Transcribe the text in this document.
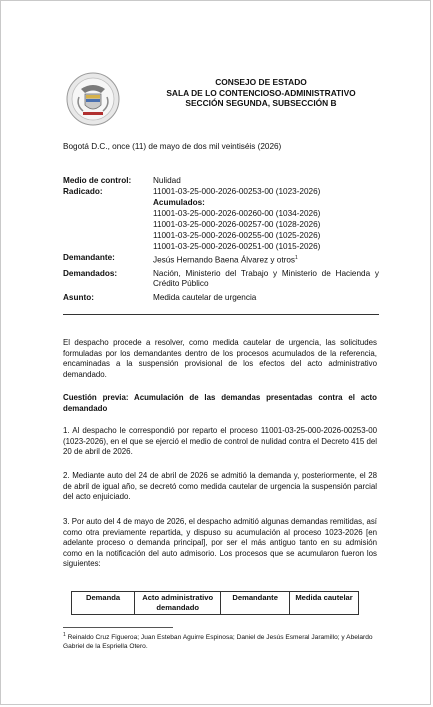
CONSEJO DE ESTADO
SALA DE LO CONTENCIOSO-ADMINISTRATIVO
SECCIÓN SEGUNDA, SUBSECCIÓN B
Bogotá D.C., once (11) de mayo de dos mil veintiséis (2026)
Medio de control:	Nulidad
Radicado:	11001-03-25-000-2026-00253-00 (1023-2026)
Acumulados:
11001-03-25-000-2026-00260-00 (1034-2026)
11001-03-25-000-2026-00257-00 (1028-2026)
11001-03-25-000-2026-00255-00 (1025-2026)
11001-03-25-000-2026-00251-00 (1015-2026)
Demandante:	Jesús Hernando Baena Álvarez y otros$^1$
Demandados:	Nación, Ministerio del Trabajo y Ministerio de Hacienda y Crédito Público
Asunto:	Medida cautelar de urgencia
El despacho procede a resolver, como medida cautelar de urgencia, las solicitudes formuladas por los demandantes dentro de los procesos acumulados de la referencia, encaminadas a la suspensión provisional de los efectos del acto administrativo demandado.
Cuestión previa: Acumulación de las demandas presentadas contra el acto demandado
1. Al despacho le correspondió por reparto el proceso 11001-03-25-000-2026-00253-00 (1023-2026), en el que se ejerció el medio de control de nulidad contra el Decreto 415 del 20 de abril de 2026.
2. Mediante auto del 24 de abril de 2026 se admitió la demanda y, posteriormente, el 28 de abril de igual año, se decretó como medida cautelar de urgencia la suspensión parcial del acto enjuiciado.
3. Por auto del 4 de mayo de 2026, el despacho admitió algunas demandas remitidas, así como otra previamente repartida, y dispuso su acumulación al proceso 1023-2026 [en adelante proceso o demanda principal], por ser el más antiguo tanto en su admisión como en la notificación del auto admisorio. Los procesos que se acumularon fueron los siguientes:
Demanda	Acto administrativo demandado	Demandante	Medida cautelar
$^1$ Reinaldo Cruz Figueroa; Juan Esteban Aguirre Espinosa; Daniel de Jesús Esmeral Jaramillo; y Abelardo Gabriel de la Espriella Otero.
